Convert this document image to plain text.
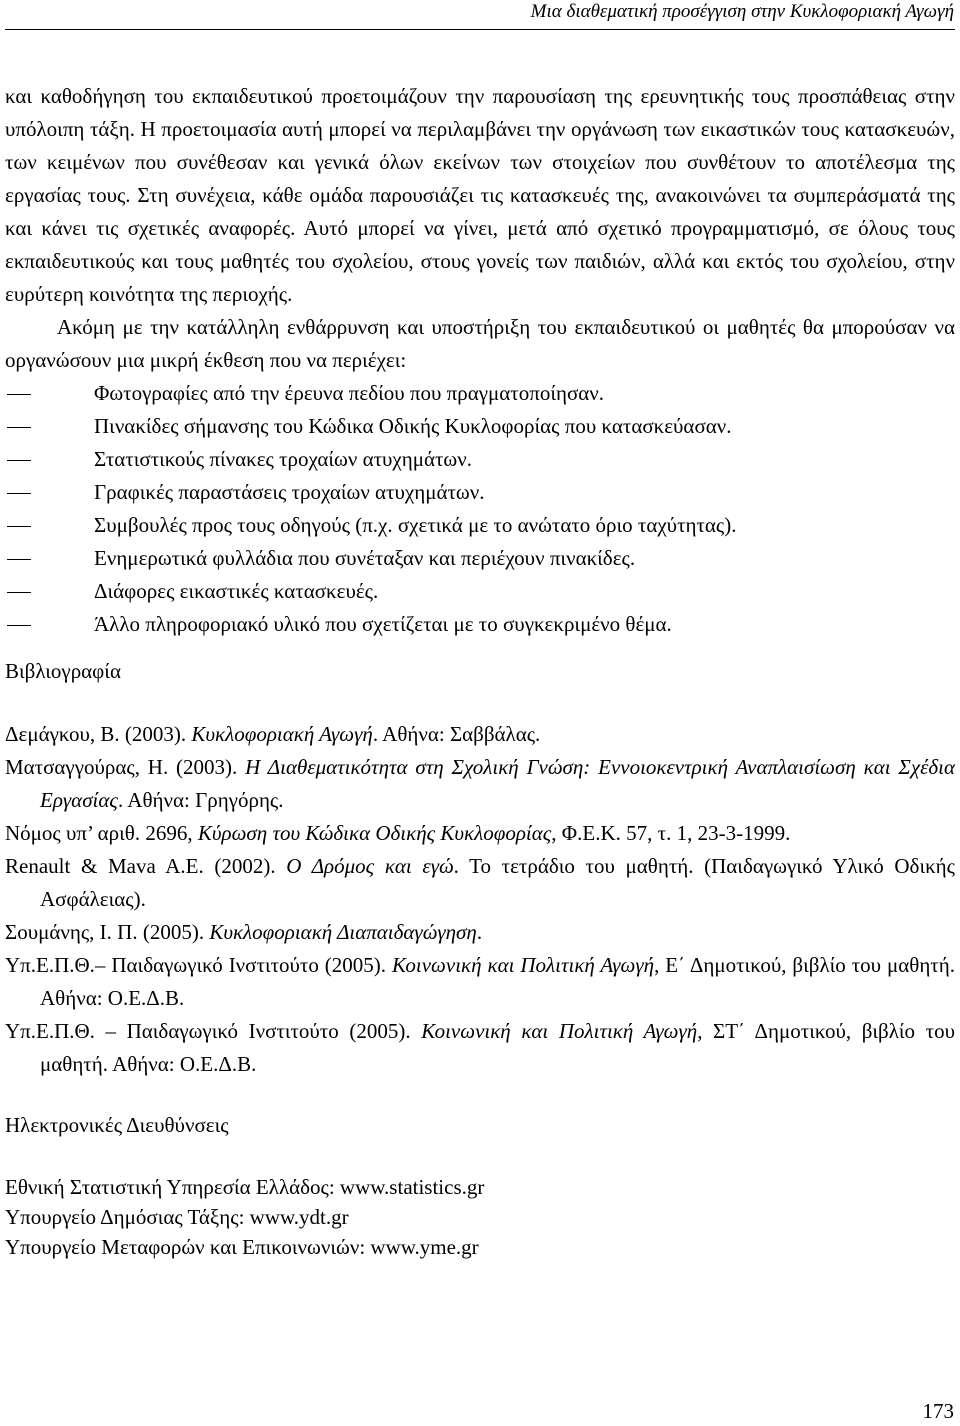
Μια διαθεματική προσέγγιση στην Κυκλοφοριακή Αγωγή

και καθοδήγηση του εκπαιδευτικού προετοιμάζουν την παρουσίαση της ερευνητικής τους προσπάθειας στην υπόλοιπη τάξη. Η προετοιμασία αυτή μπορεί να περιλαμβάνει την οργάνωση των εικαστικών τους κατασκευών, των κειμένων που συνέθεσαν και γενικά όλων εκείνων των στοιχείων που συνθέτουν το αποτέλεσμα της εργασίας τους. Στη συνέχεια, κάθε ομάδα παρουσιάζει τις κατασκευές της, ανακοινώνει τα συμπεράσματά της και κάνει τις σχετικές αναφορές. Αυτό μπορεί να γίνει, μετά από σχετικό προγραμματισμό, σε όλους τους εκπαιδευτικούς και τους μαθητές του σχολείου, στους γονείς των παιδιών, αλλά και εκτός του σχολείου, στην ευρύτερη κοινότητα της περιοχής.

Ακόμη με την κατάλληλη ενθάρρυνση και υποστήριξη του εκπαιδευτικού οι μαθητές θα μπορούσαν να οργανώσουν μια μικρή έκθεση που να περιέχει:

Φωτογραφίες από την έρευνα πεδίου που πραγματοποίησαν.
Πινακίδες σήμανσης του Κώδικα Οδικής Κυκλοφορίας που κατασκεύασαν.
Στατιστικούς πίνακες τροχαίων ατυχημάτων.
Γραφικές παραστάσεις τροχαίων ατυχημάτων.
Συμβουλές προς τους οδηγούς (π.χ. σχετικά με το ανώτατο όριο ταχύτητας).
Ενημερωτικά φυλλάδια που συνέταξαν και περιέχουν πινακίδες.
Διάφορες εικαστικές κατασκευές.
Άλλο πληροφοριακό υλικό που σχετίζεται με το συγκεκριμένο θέμα.
Βιβλιογραφία
Δεμάγκου, Β. (2003). Κυκλοφοριακή Αγωγή. Αθήνα: Σαββάλας.
Ματσαγγούρας, Η. (2003). Η Διαθεματικότητα στη Σχολική Γνώση: Εννοιοκεντρική Αναπλαισίωση και Σχέδια Εργασίας. Αθήνα: Γρηγόρης.
Νόμος υπ’ αριθ. 2696, Κύρωση του Κώδικα Οδικής Κυκλοφορίας, Φ.Ε.Κ. 57, τ. 1, 23-3-1999.
Renault & Mava A.E. (2002). Ο Δρόμος και εγώ. Το τετράδιο του μαθητή. (Παιδαγωγικό Υλικό Οδικής Ασφάλειας).
Σουμάνης, Ι. Π. (2005). Κυκλοφοριακή Διαπαιδαγώγηση.
Υπ.Ε.Π.Θ.– Παιδαγωγικό Ινστιτούτο (2005). Κοινωνική και Πολιτική Αγωγή, Ε΄ Δημοτικού, βιβλίο του μαθητή. Αθήνα: Ο.Ε.Δ.Β.
Υπ.Ε.Π.Θ. – Παιδαγωγικό Ινστιτούτο (2005). Κοινωνική και Πολιτική Αγωγή, ΣΤ΄ Δημοτικού, βιβλίο του μαθητή. Αθήνα: Ο.Ε.Δ.Β.
Ηλεκτρονικές Διευθύνσεις
Εθνική Στατιστική Υπηρεσία Ελλάδος: www.statistics.gr
Υπουργείο Δημόσιας Τάξης: www.ydt.gr
Υπουργείο Μεταφορών και Επικοινωνιών: www.yme.gr
173
